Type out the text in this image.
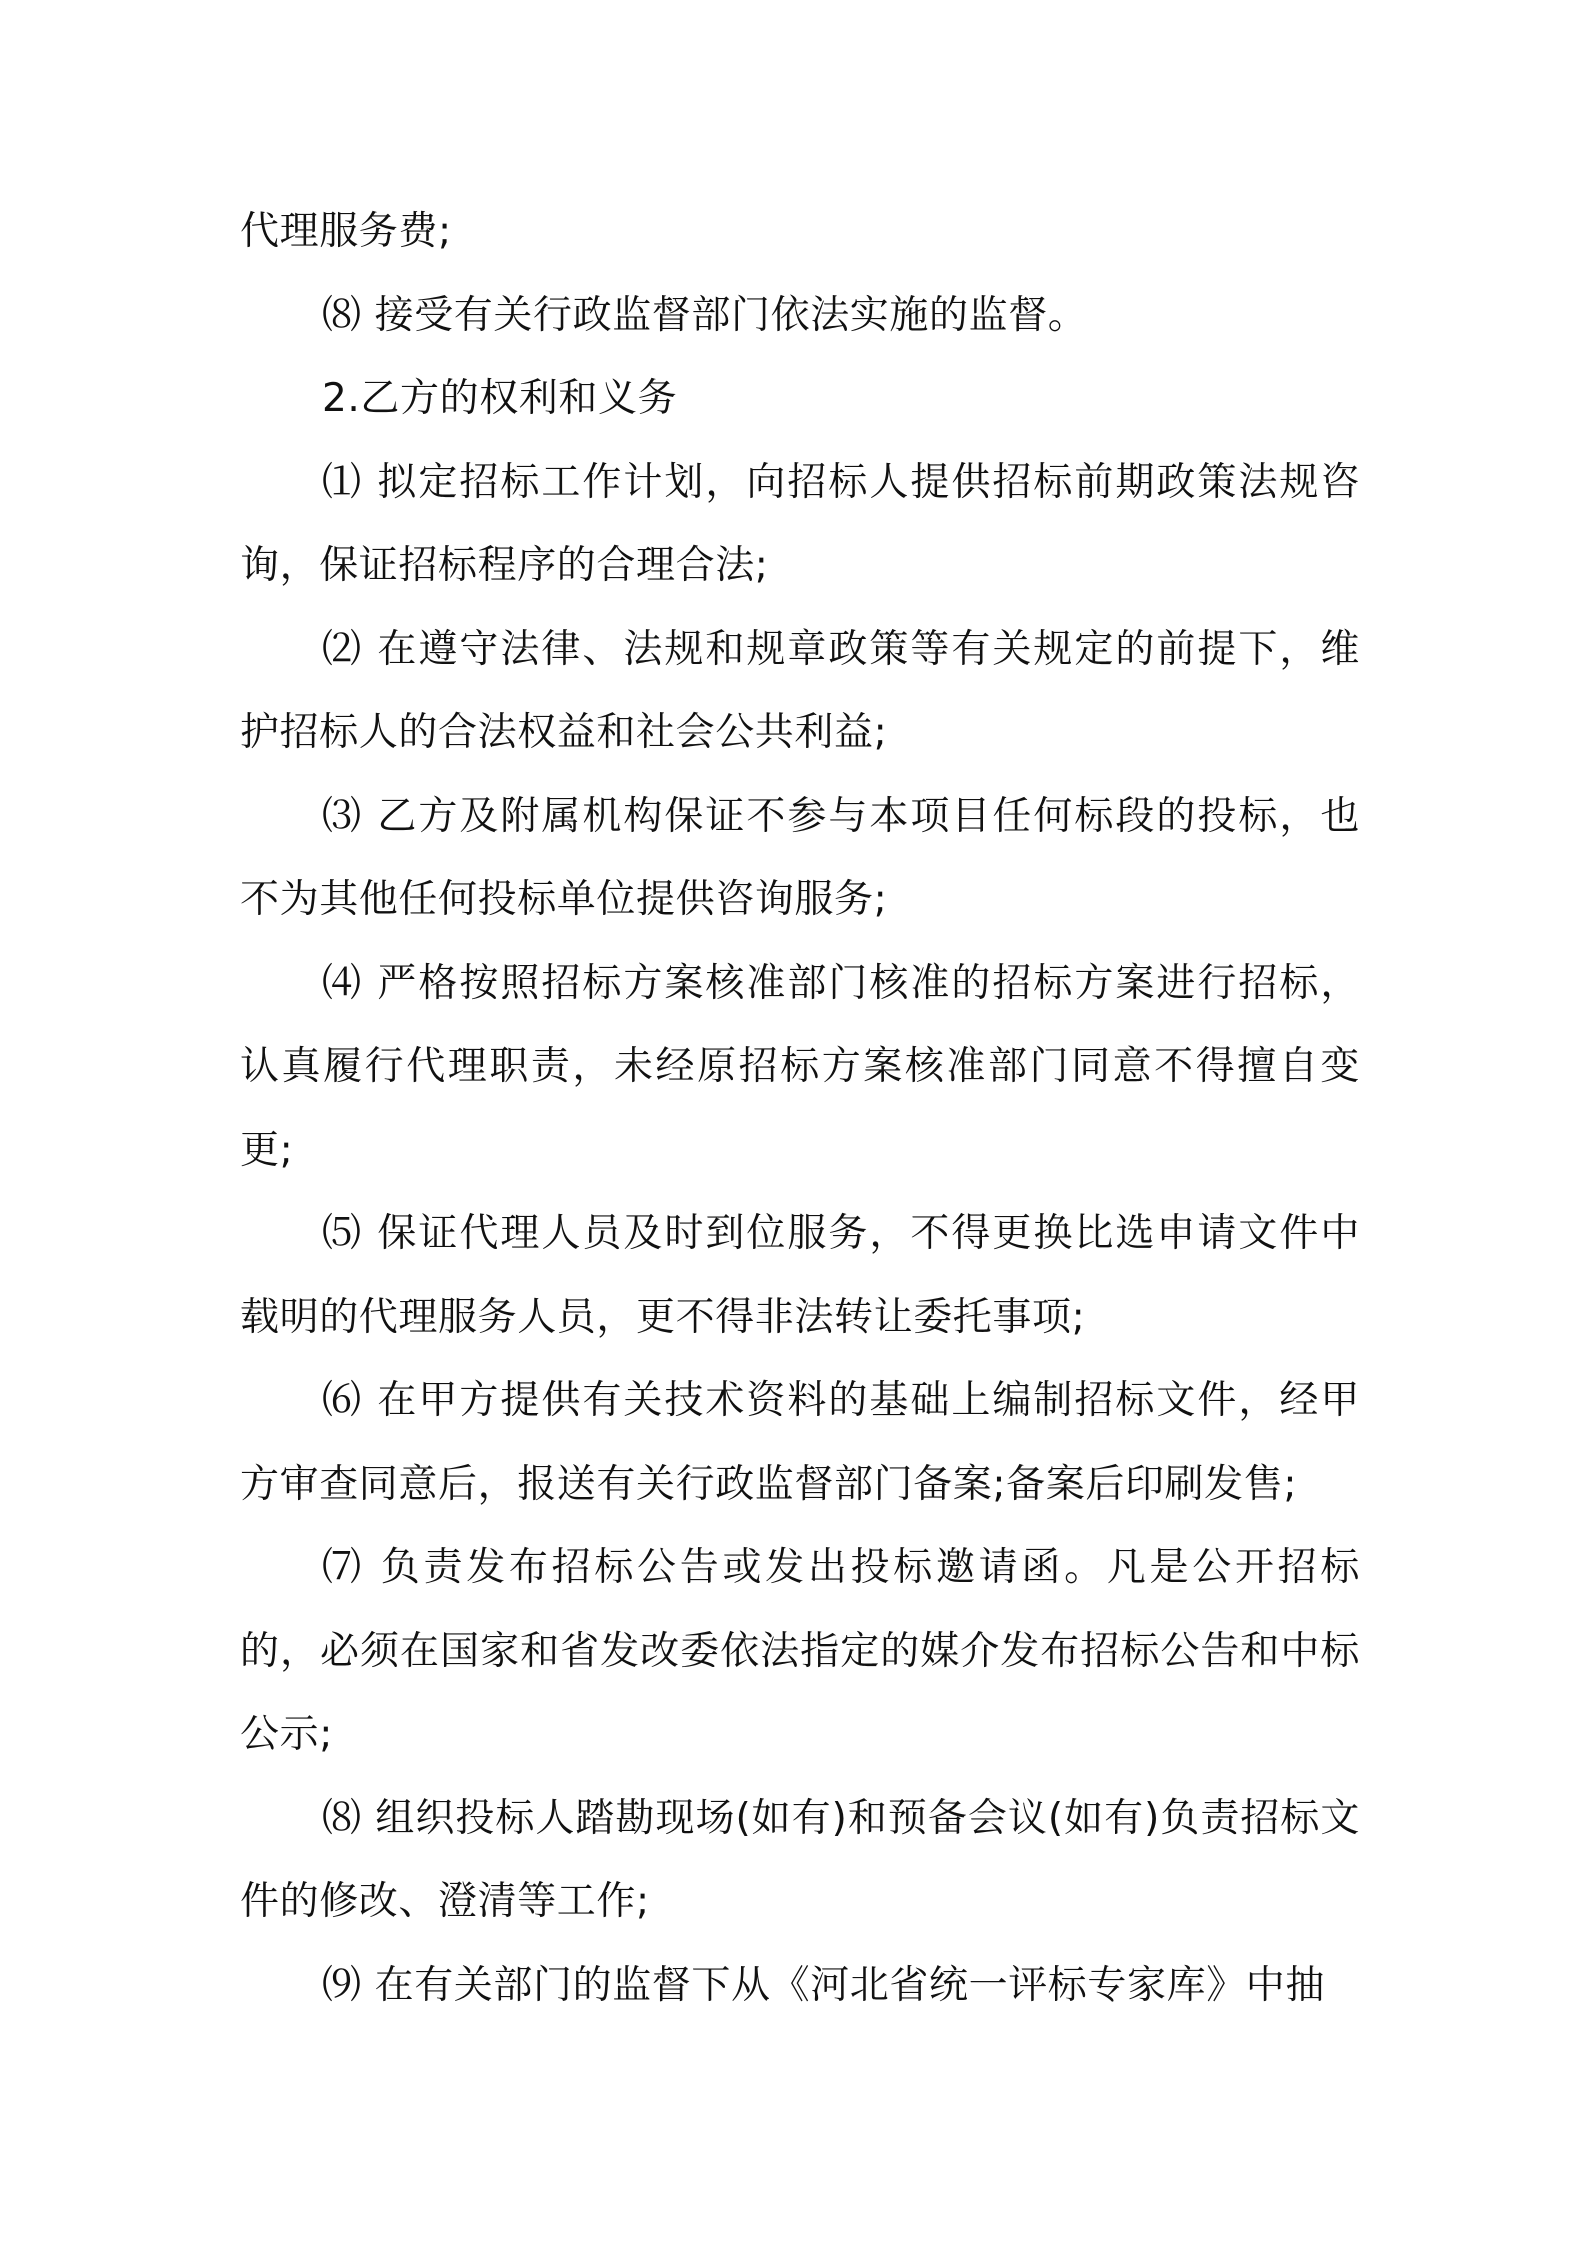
代理服务费;

⑻ 接受有关行政监督部门依法实施的监督。

2.乙方的权利和义务

⑴ 拟定招标工作计划，向招标人提供招标前期政策法规咨询，保证招标程序的合理合法;

⑵ 在遵守法律、法规和规章政策等有关规定的前提下，维护招标人的合法权益和社会公共利益;

⑶ 乙方及附属机构保证不参与本项目任何标段的投标，也不为其他任何投标单位提供咨询服务;

⑷ 严格按照招标方案核准部门核准的招标方案进行招标，认真履行代理职责，未经原招标方案核准部门同意不得擅自变更;

⑸ 保证代理人员及时到位服务，不得更换比选申请文件中载明的代理服务人员，更不得非法转让委托事项;

⑹ 在甲方提供有关技术资料的基础上编制招标文件，经甲方审查同意后，报送有关行政监督部门备案;备案后印刷发售;

⑺ 负责发布招标公告或发出投标邀请函。凡是公开招标的，必须在国家和省发改委依法指定的媒介发布招标公告和中标公示;

⑻ 组织投标人踏勘现场(如有)和预备会议(如有)负责招标文件的修改、澄清等工作;

⑼ 在有关部门的监督下从《河北省统一评标专家库》中抽
